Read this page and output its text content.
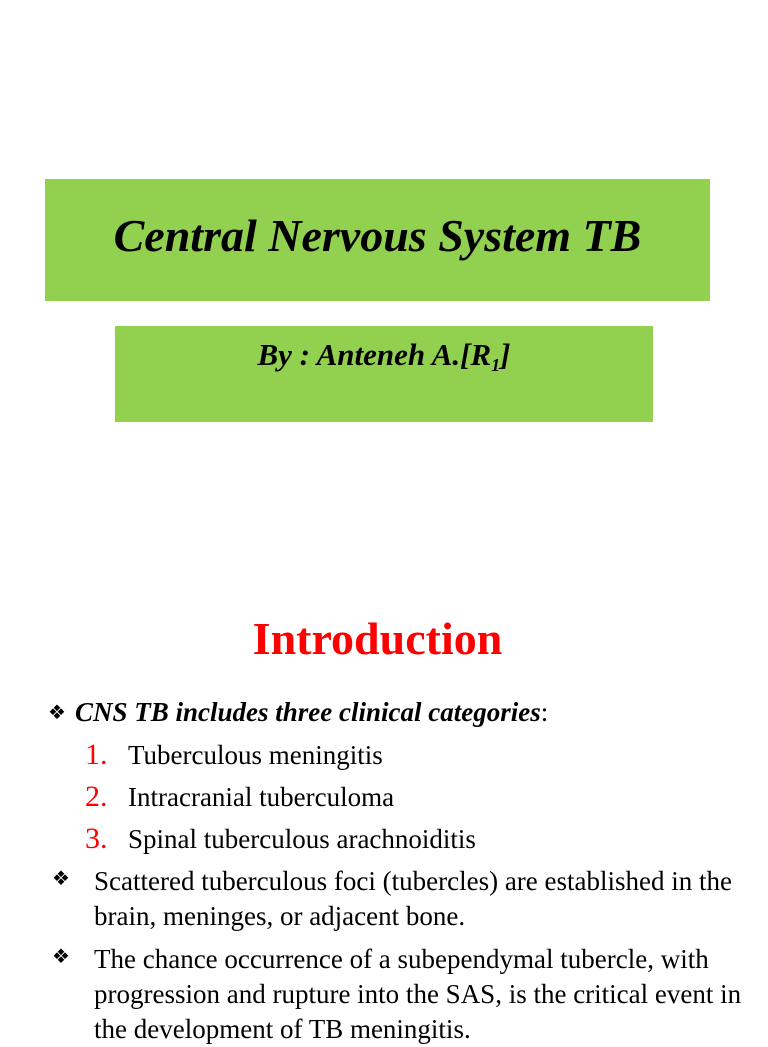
Central Nervous System TB
By : Anteneh $A.[R_1]$
Introduction
❖ CNS TB includes three clinical categories:
1. Tuberculous meningitis
2. Intracranial tuberculoma
3. Spinal tuberculous arachnoiditis
❖ Scattered tuberculous foci (tubercles) are established in the brain, meninges, or adjacent bone.
❖ The chance occurrence of a subependymal tubercle, with progression and rupture into the SAS, is the critical event in the development of TB meningitis.
